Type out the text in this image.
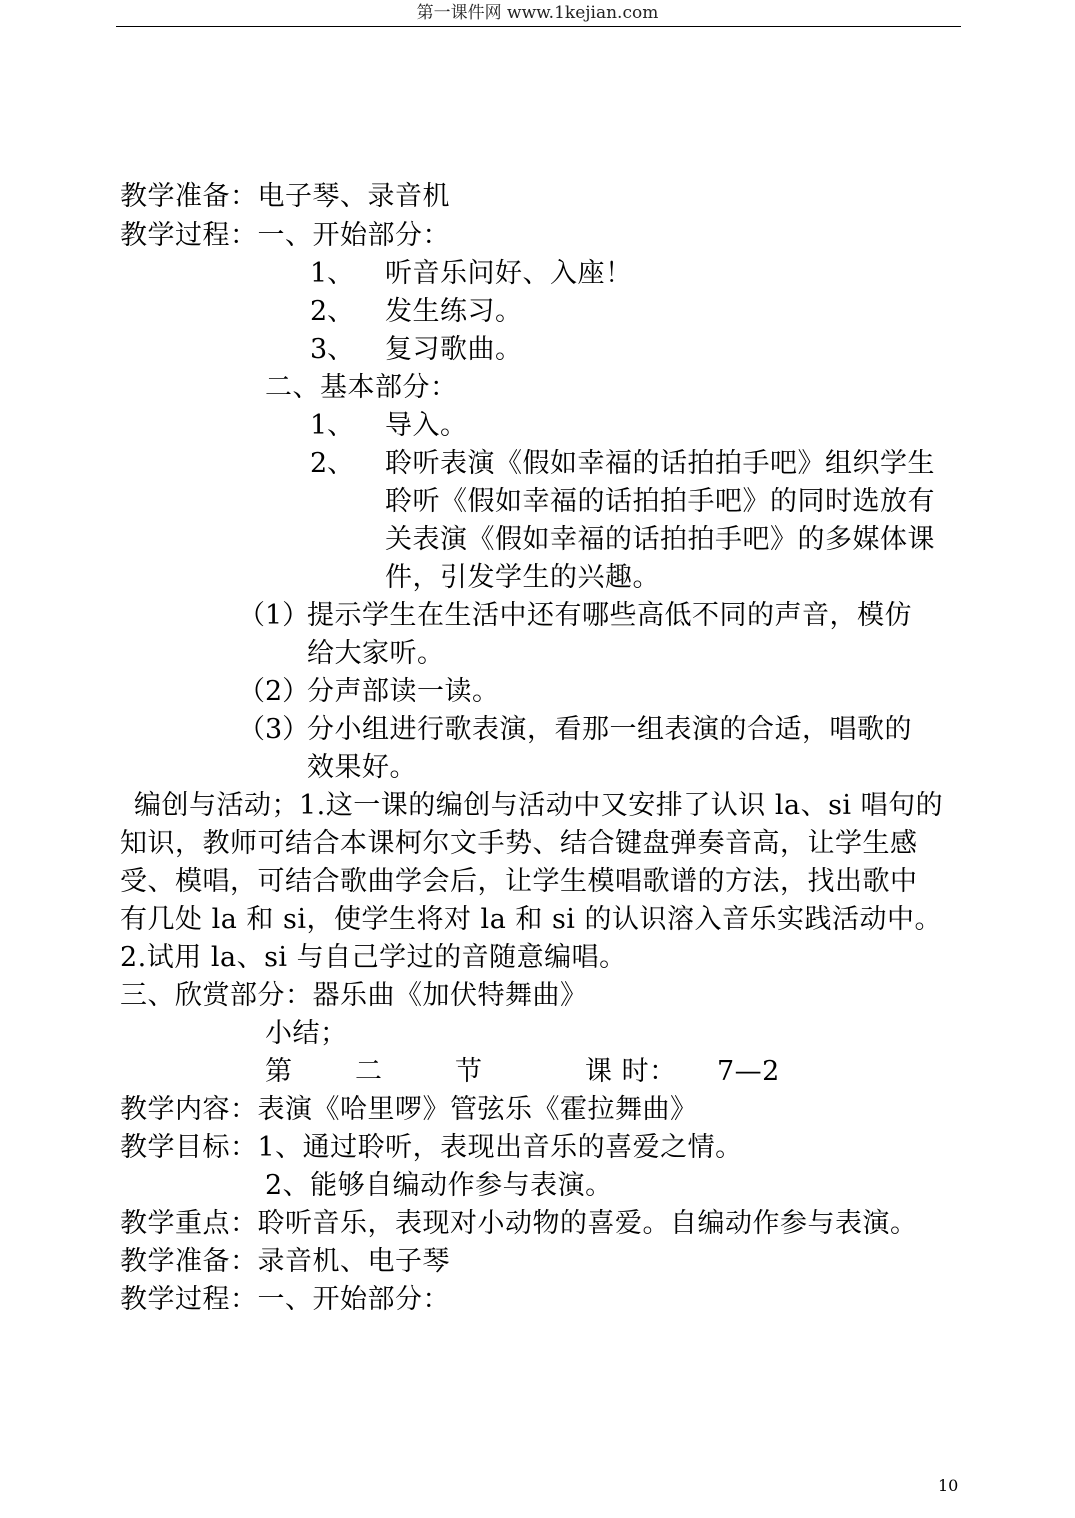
第一课件网 www.1kejian.com
教学准备：电子琴、录音机
教学过程：一、开始部分：
1、 听音乐问好、入座！
2、 发生练习。
3、 复习歌曲。
二、基本部分：
1、 导入。
2、 聆听表演《假如幸福的话拍拍手吧》组织学生
聆听《假如幸福的话拍拍手吧》的同时选放有
关表演《假如幸福的话拍拍手吧》的多媒体课
件，引发学生的兴趣。
（1）
提示学生在生活中还有哪些高低不同的声音，模仿
给大家听。
（2）
分声部读一读。
（3）
分小组进行歌表演，看那一组表演的合适，唱歌的
效果好。
编创与活动；1.这一课的编创与活动中又安排了认识 la、si 唱句的
知识，教师可结合本课柯尔文手势、结合键盘弹奏音高，让学生感
受、模唱，可结合歌曲学会后，让学生模唱歌谱的方法，找出歌中
有几处 la 和 si，使学生将对 la 和 si 的认识溶入音乐实践活动中。
2.试用 la、si 与自己学过的音随意编唱。
三、欣赏部分：器乐曲《加伏特舞曲》
小结；
第 二	节	课 时： 7—2
教学内容：表演《哈里啰》管弦乐《霍拉舞曲》
教学目标：1、通过聆听，表现出音乐的喜爱之情。
2、能够自编动作参与表演。
教学重点：聆听音乐，表现对小动物的喜爱。自编动作参与表演。
教学准备：录音机、电子琴
教学过程：一、开始部分：
10
